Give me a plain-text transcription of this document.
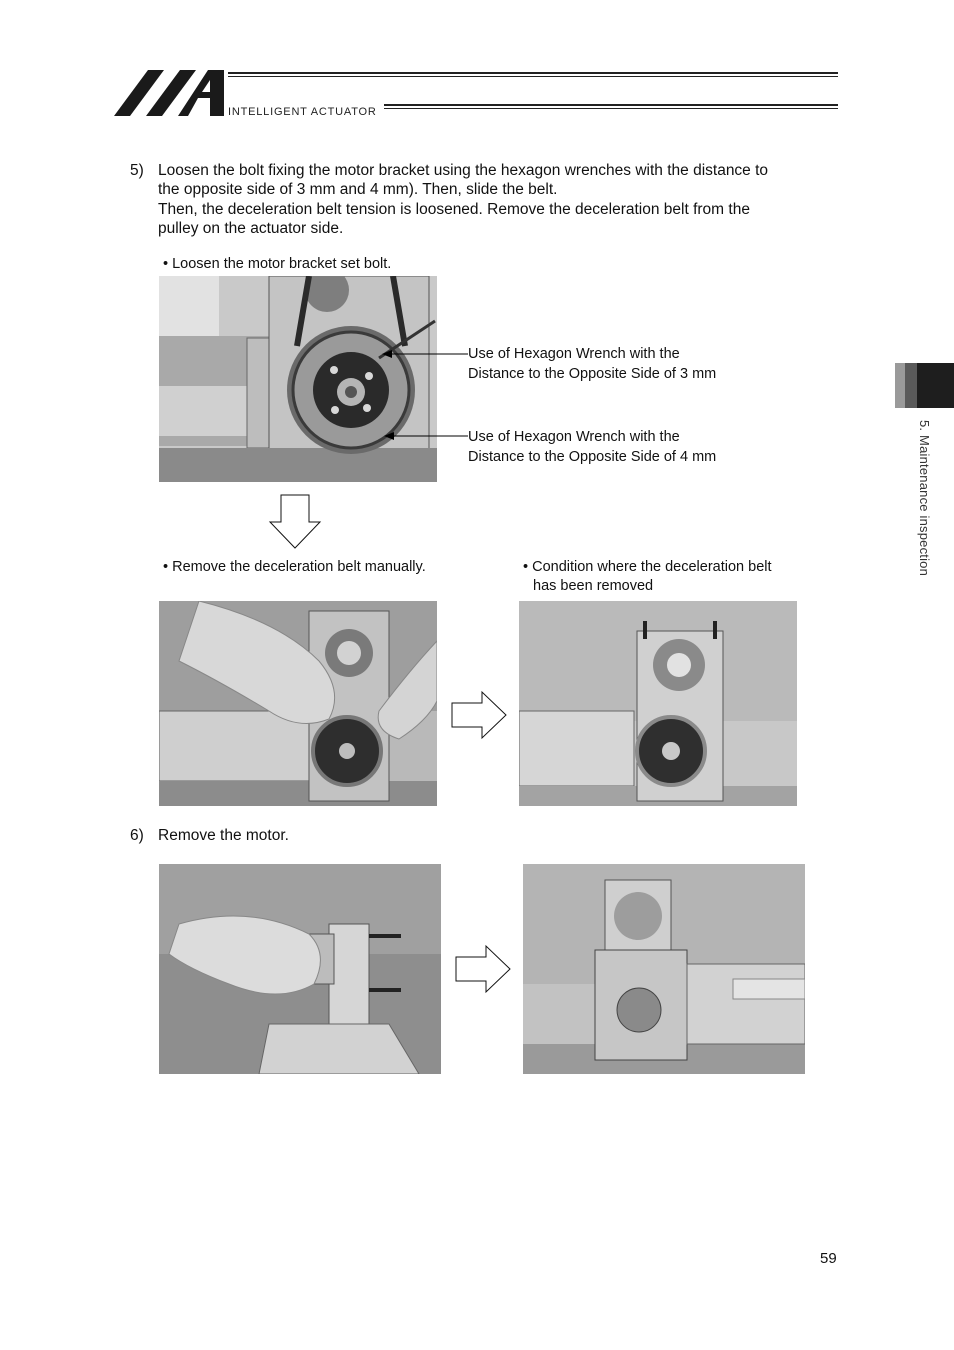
INTELLIGENT ACTUATOR
5. Maintenance inspection
5) Loosen the bolt fixing the motor bracket using the hexagon wrenches with the distance to
the opposite side of 3 mm and 4 mm). Then, slide the belt.
Then, the deceleration belt tension is loosened. Remove the deceleration belt from the
pulley on the actuator side.
• Loosen the motor bracket set bolt.
Use of Hexagon Wrench with the
Distance to the Opposite Side of 3 mm
Use of Hexagon Wrench with the
Distance to the Opposite Side of 4 mm
• Remove the deceleration belt manually.	• Condition where the deceleration belt
has been removed
6) Remove the motor.
59
